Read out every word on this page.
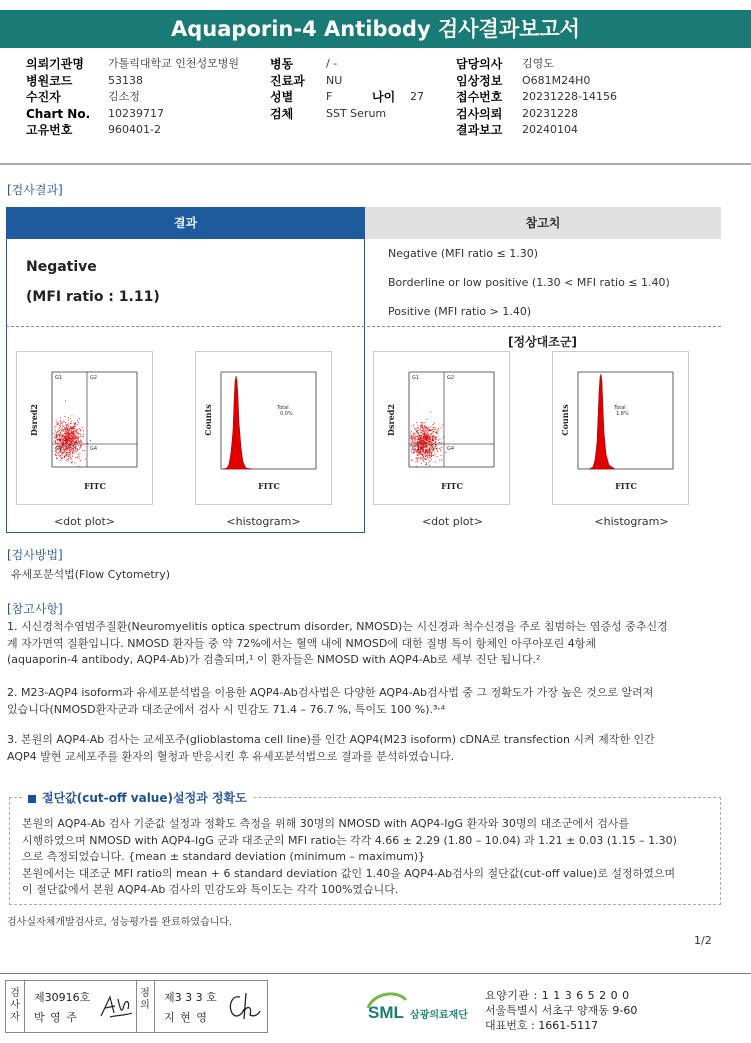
Aquaporin-4 Antibody 검사결과보고서
의뢰기관명	가톨릭대학교 인천성모병원
병원코드	53138
수진자	김소정
Chart No.	10239717
고유번호	960401-2
병동	/ -
진료과	NU
성별	F	나이	27
검체	SST Serum
담당의사	김영도
임상정보	O681M24H0
접수번호	20231228-14156
검사의뢰	20231228
결과보고	20240104
[검사결과]
결과	참고치
Negative
(MFI ratio : 1.11)
Negative (MFI ratio ≤ 1.30)
Borderline or low positive (1.30 < MFI ratio ≤ 1.40)
Positive (MFI ratio > 1.40)
[정상대조군]
G1	G2
G3	G4
FITC
Dsred2	Total
0.0%
FITC
Counts
G1	G2
G3	G4
FITC
Dsred2	Total
1.8%
FITC
Counts
<dot plot>	<histogram>	<dot plot>	<histogram>
[검사방법]
유세포분석법(Flow Cytometry)
[참고사항]
1. 시신경척수염범주질환(Neuromyelitis optica spectrum disorder, NMOSD)는 시신경과 척수신경을 주로 침범하는 염증성 중추신경
계 자가면역 질환입니다. NMOSD 환자들 중 약 72%에서는 혈액 내에 NMOSD에 대한 질병 특이 항체인 아쿠아포린 4항체
(aquaporin-4 antibody, AQP4-Ab)가 검출되며,¹ 이 환자들은 NMOSD with AQP4-Ab로 세부 진단 됩니다.²
2. M23-AQP4 isoform과 유세포분석법을 이용한 AQP4-Ab검사법은 다양한 AQP4-Ab검사법 중 그 정확도가 가장 높은 것으로 알려져
있습니다(NMOSD환자군과 대조군에서 검사 시 민감도 71.4 – 76.7 %, 특이도 100 %).³˒⁴
3. 본원의 AQP4-Ab 검사는 교세포주(glioblastoma cell line)를 인간 AQP4(M23 isoform) cDNA로 transfection 시켜 제작한 인간
AQP4 발현 교세포주를 환자의 혈청과 반응시킨 후 유세포분석법으로 결과를 분석하였습니다.
절단값(cut-off value)설정과 정확도
본원의 AQP4-Ab 검사 기준값 설정과 정확도 측정을 위해 30명의 NMOSD with AQP4-IgG 환자와 30명의 대조군에서 검사를
시행하였으며 NMOSD with AQP4-IgG 군과 대조군의 MFI ratio는 각각 4.66 ± 2.29 (1.80 – 10.04) 과 1.21 ± 0.03 (1.15 – 1.30)
으로 측정되었습니다. {mean ± standard deviation (minimum – maximum)}
본원에서는 대조군 MFI ratio의 mean + 6 standard deviation 값인 1.40을 AQP4-Ab검사의 절단값(cut-off value)로 설정하였으며
이 절단값에서 본원 AQP4-Ab 검사의 민감도와 특이도는 각각 100%였습니다.
검사실자체개발검사로, 성능평가를 완료하였습니다.
1/2
검사자
제30916호
박 영 주
점의
제3 3 3 호
지 현 영	SML 삼광의료재단
요양기관 : 1 1 3 6 5 2 0 0
서울특별시 서초구 양재동 9-60
대표번호 : 1661-5117
